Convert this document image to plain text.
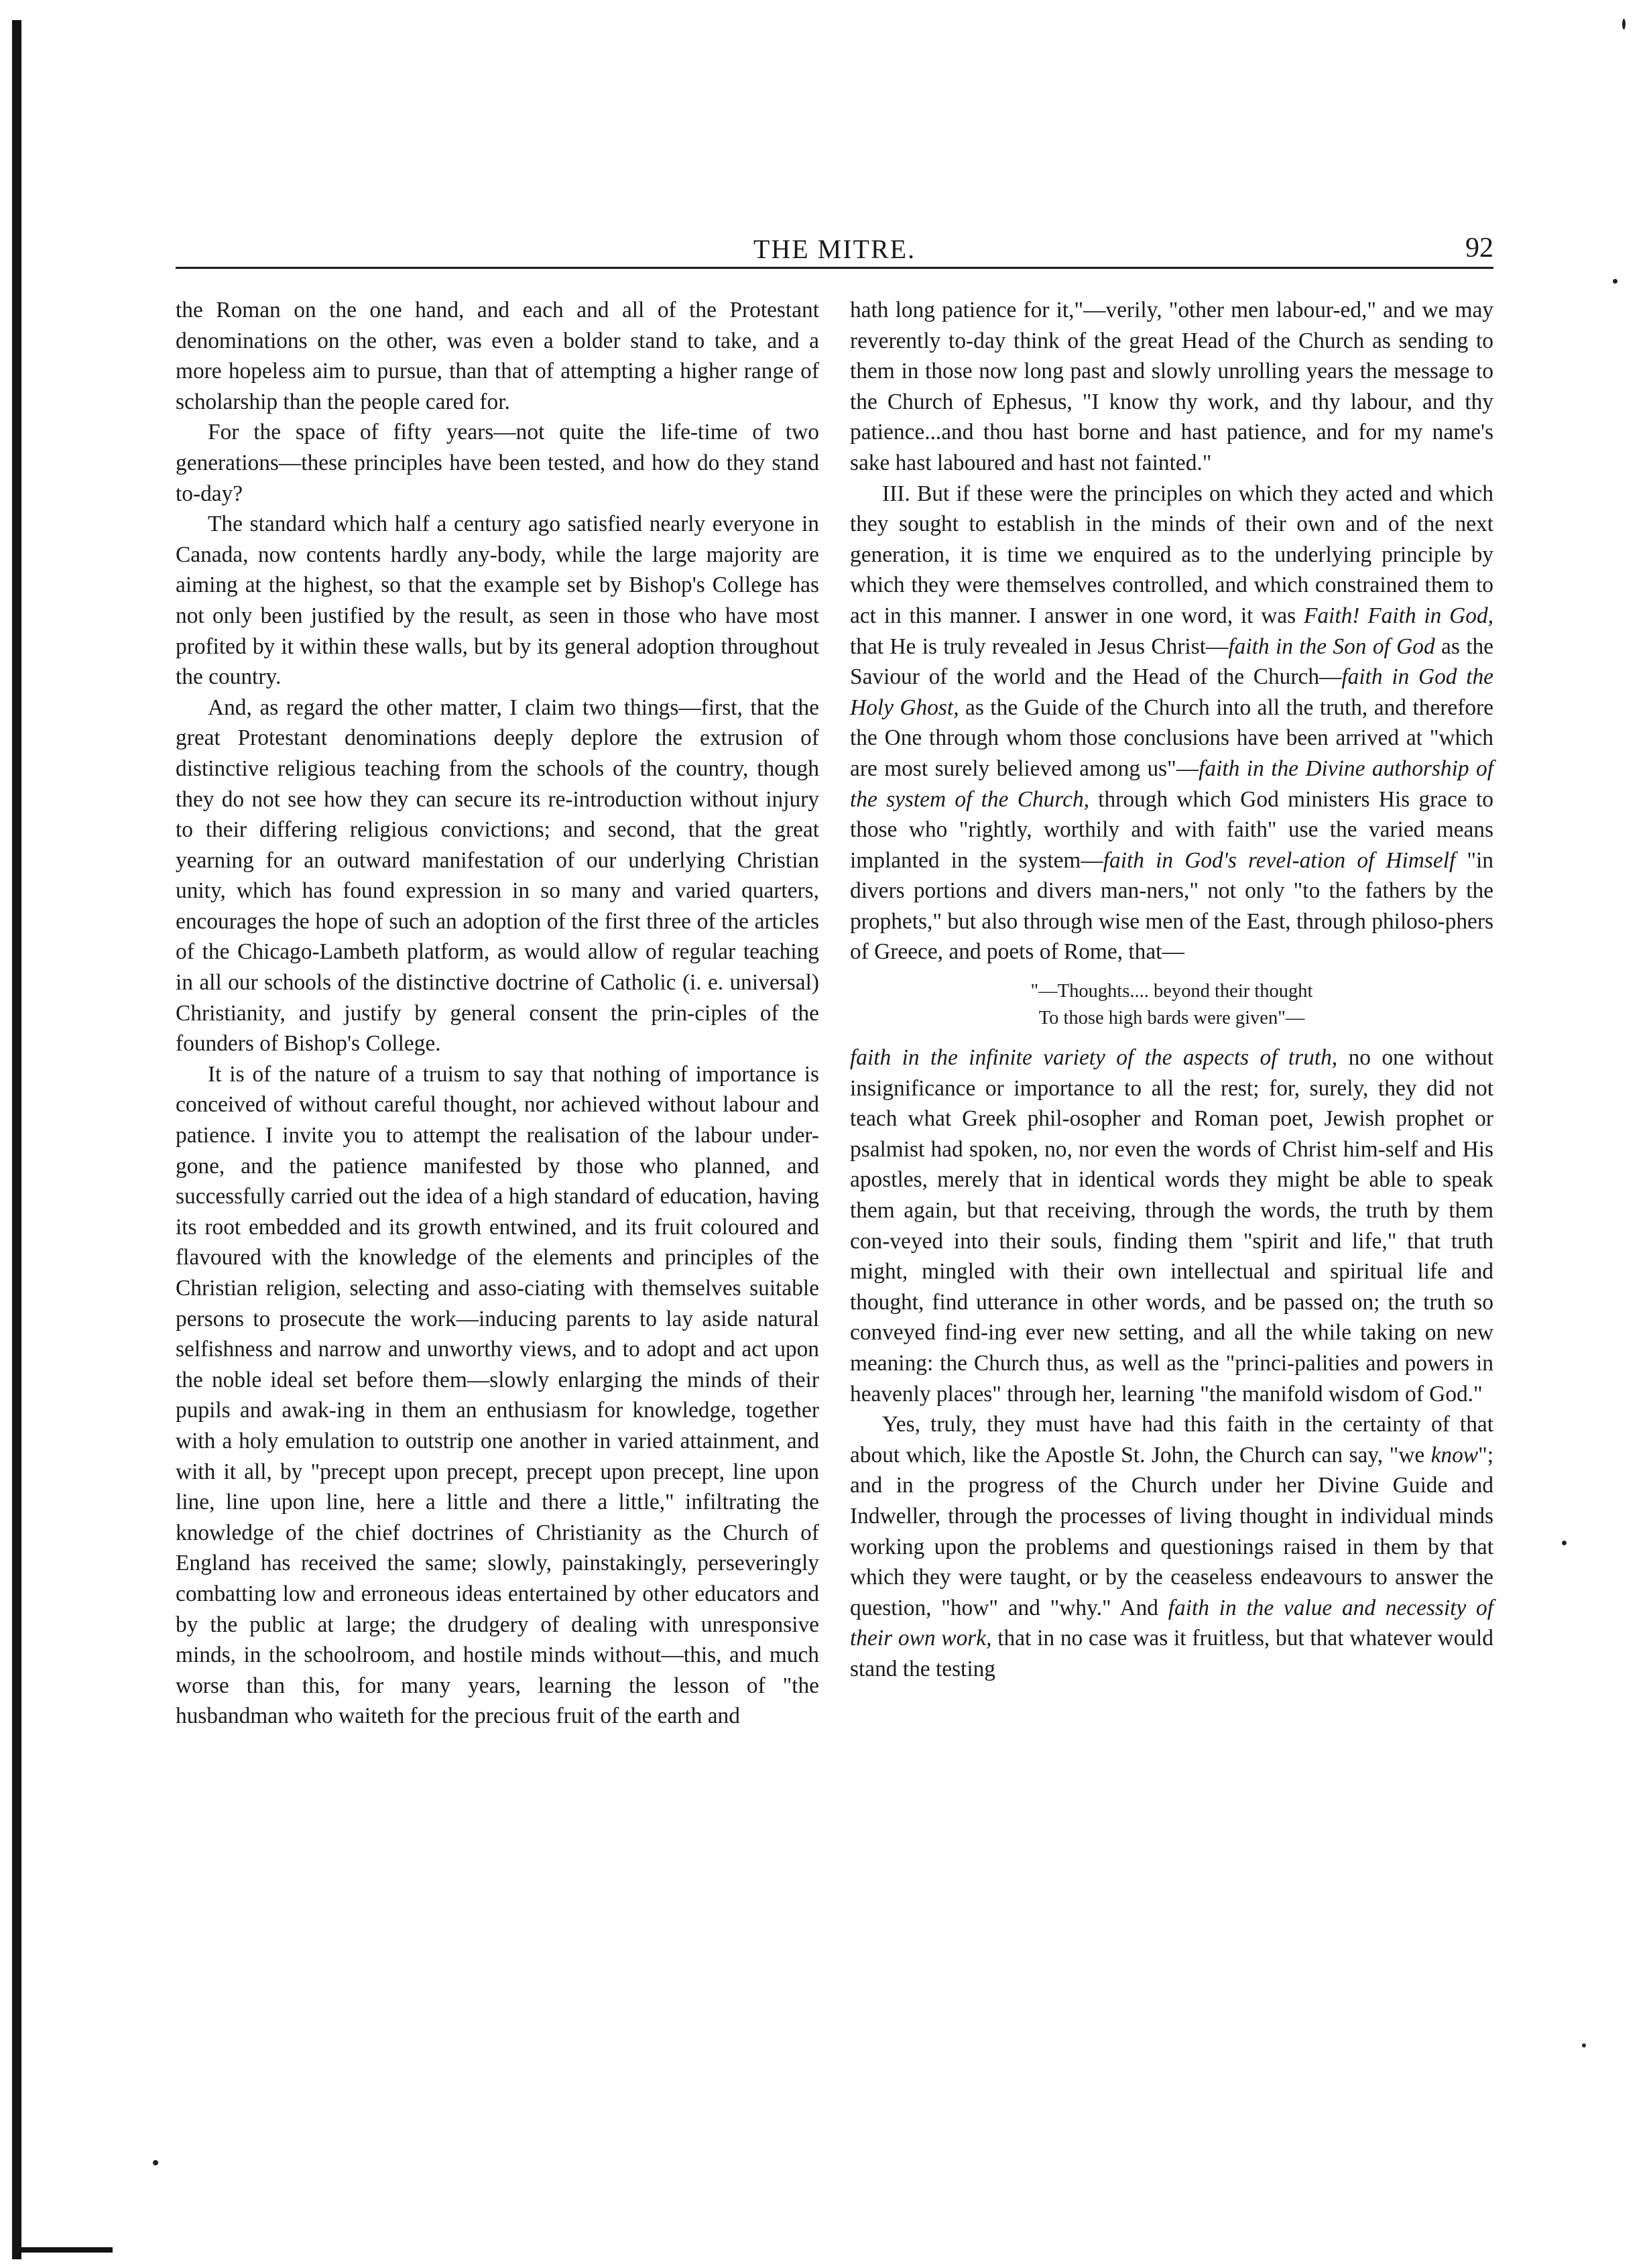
THE MITRE.	92

the Roman on the one hand, and each and all of the Protestant denominations on the other, was even a bolder stand to take, and a more hopeless aim to pursue, than that of attempting a higher range of scholarship than the people cared for.

For the space of fifty years—not quite the life-time of two generations—these principles have been tested, and how do they stand to-day?

The standard which half a century ago satisfied nearly everyone in Canada, now contents hardly any-body, while the large majority are aiming at the highest, so that the example set by Bishop's College has not only been justified by the result, as seen in those who have most profited by it within these walls, but by its general adoption throughout the country.

And, as regard the other matter, I claim two things—first, that the great Protestant denominations deeply deplore the extrusion of distinctive religious teaching from the schools of the country, though they do not see how they can secure its re-introduction without injury to their differing religious convictions; and second, that the great yearning for an outward manifestation of our underlying Christian unity, which has found expression in so many and varied quarters, encourages the hope of such an adoption of the first three of the articles of the Chicago-Lambeth platform, as would allow of regular teaching in all our schools of the distinctive doctrine of Catholic (i. e. universal) Christianity, and justify by general consent the prin-ciples of the founders of Bishop's College.

It is of the nature of a truism to say that nothing of importance is conceived of without careful thought, nor achieved without labour and patience. I invite you to attempt the realisation of the labour under-gone, and the patience manifested by those who planned, and successfully carried out the idea of a high standard of education, having its root embedded and its growth entwined, and its fruit coloured and flavoured with the knowledge of the elements and principles of the Christian religion, selecting and asso-ciating with themselves suitable persons to prosecute the work—inducing parents to lay aside natural selfishness and narrow and unworthy views, and to adopt and act upon the noble ideal set before them—slowly enlarging the minds of their pupils and awak-ing in them an enthusiasm for knowledge, together with a holy emulation to outstrip one another in varied attainment, and with it all, by "precept upon precept, precept upon precept, line upon line, line upon line, here a little and there a little," infiltrating the knowledge of the chief doctrines of Christianity as the Church of England has received the same; slowly, painstakingly, perseveringly combatting low and erroneous ideas entertained by other educators and by the public at large; the drudgery of dealing with unresponsive minds, in the schoolroom, and hostile minds without—this, and much worse than this, for many years, learning the lesson of "the husbandman who waiteth for the precious fruit of the earth and

hath long patience for it,"—verily, "other men labour-ed," and we may reverently to-day think of the great Head of the Church as sending to them in those now long past and slowly unrolling years the message to the Church of Ephesus, "I know thy work, and thy labour, and thy patience...and thou hast borne and hast patience, and for my name's sake hast laboured and hast not fainted."

III. But if these were the principles on which they acted and which they sought to establish in the minds of their own and of the next generation, it is time we enquired as to the underlying principle by which they were themselves controlled, and which constrained them to act in this manner. I answer in one word, it was Faith! Faith in God, that He is truly revealed in Jesus Christ—faith in the Son of God as the Saviour of the world and the Head of the Church—faith in God the Holy Ghost, as the Guide of the Church into all the truth, and therefore the One through whom those conclusions have been arrived at "which are most surely believed among us"—faith in the Divine authorship of the system of the Church, through which God ministers His grace to those who "rightly, worthily and with faith" use the varied means implanted in the system—faith in God's revel-ation of Himself "in divers portions and divers man-ners," not only "to the fathers by the prophets," but also through wise men of the East, through philoso-phers of Greece, and poets of Rome, that—

"—Thoughts.... beyond their thought
To those high bards were given"—

faith in the infinite variety of the aspects of truth, no one without insignificance or importance to all the rest; for, surely, they did not teach what Greek phil-osopher and Roman poet, Jewish prophet or psalmist had spoken, no, nor even the words of Christ him-self and His apostles, merely that in identical words they might be able to speak them again, but that receiving, through the words, the truth by them con-veyed into their souls, finding them "spirit and life," that truth might, mingled with their own intellectual and spiritual life and thought, find utterance in other words, and be passed on; the truth so conveyed find-ing ever new setting, and all the while taking on new meaning: the Church thus, as well as the "princi-palities and powers in heavenly places" through her, learning "the manifold wisdom of God."

Yes, truly, they must have had this faith in the certainty of that about which, like the Apostle St. John, the Church can say, "we know"; and in the progress of the Church under her Divine Guide and Indweller, through the processes of living thought in individual minds working upon the problems and questionings raised in them by that which they were taught, or by the ceaseless endeavours to answer the question, "how" and "why." And faith in the value and necessity of their own work, that in no case was it fruitless, but that whatever would stand the testing
